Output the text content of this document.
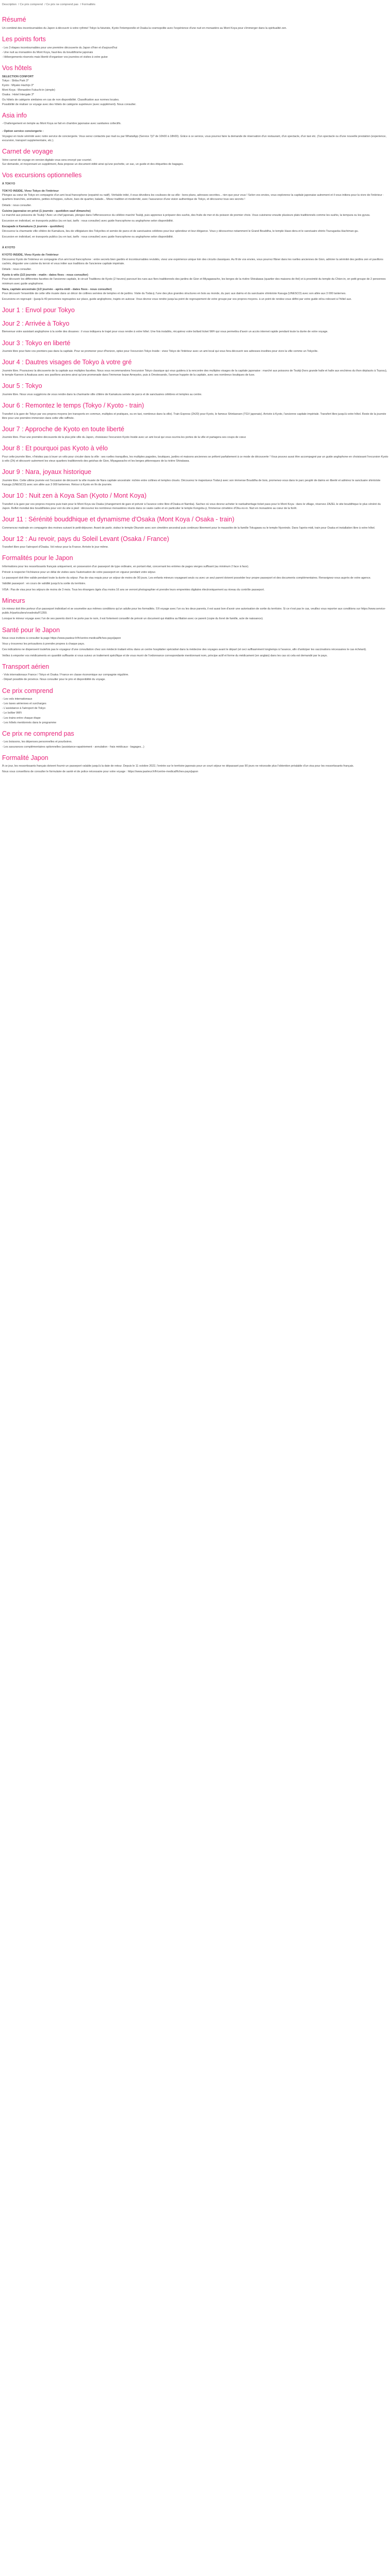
Description / Ce prix comprend / Ce prix ne comprend pas / Formalités
Résumé

Un combiné des incontournables du Japon à découvrir à votre rythme! Tokyo la futuriste, Kyoto l'intemporelle et Osaka la cosmopolite avec l'expérience d'une nuit en monastère au Mont Koya pour s'immerger dans la spiritualité zen.

Les points forts
- Les 3 étapes incontournables pour une première découverte du Japon d'hier et d'aujourd'hui
- Une nuit au monastère du Mont Koya, haut-lieu du bouddhisme japonais
- Hébergements réservés mais liberté d'organiser vos journées et visites à votre guise
Vos hôtels
SELECTION CONFORT
Tokyo : Shiba Park 3*
Kyoto : Miyako Hachijo 3*
Mont Koya : Monastère Fukuchi-in (simple)
Osaka : Hotel Intergate 3*
Ou hôtels de catégorie similaires en cas de non disponibilité. Classification aux normes locales.
Possibilité de réaliser ce voyage avec des hôtels de catégorie supérieure (avec supplément). Nous consulter.
Asia info
- Challengement en temple au Mont Koya se fait en chambre japonaise avec sanitaires collectifs.
- Option service conciergerie :
Voyagez en toute sérénité avec notre service de conciergerie. Vous serez contactés par mail ou par WhatsApp (Service 7j/7 de 10h00 à 18h00). Grâce à ce service, vous pourrez faire la demande de réservation d'un restaurant, d'un spectacle, d'un taxi etc. (l'un spectacle ou d'une nouvelle prestation (experience, excursion, transport supplementaire, etc.).
Carnet de voyage

Votre carnet de voyage en version digitale vous sera envoyé par courriel.
Sur demande, et moyennant un supplément, Asia propose un document édité ainsi qu'une pochette, un sac, un guide et des étiquettes de bagages.

Vos excursions optionnelles
À TOKYO
TOKYO INSIDE, Vivez Tokyo de l'intérieur

Plongez au cœur de Tokyo en compagnie d'un ami local francophone (expatrié ou natif). Véritable initié, il vous dévoilera les coulisses de sa ville : bons plans, adresses secrètes... rien que pour vous ! Selon vos envies, vous explorerez la capitale japonaise autrement et il vous initiera pour la vivre de l'intérieur : quartiers branchés, animations, petites échoppes, culture, bars de quartier, balade... Mixez tradition et modernité, avec l'assurance d'une vision authentique de Tokyo, et découvrez tous ses secrets !

Détails : nous consulter.

Cuisine japonaise en privé (1 journée - quotidien sauf dimanche)

Le marché aux poissons de Tsukiji ! Avec un chef japonais, plongez dans l'effervescence du célèbre marché Tsukiji, puis apprenez à préparer des sushis, des fruits de mer et du poisson de premier choix. Vous cuisinerez ensuite plusieurs plats traditionnels comme les sushis, la tempura ou les gyoza.

Excursion en individuel, en transports publics (ou en taxi, tarifs : nous consulter) avec guide francophone ou anglophone selon disponibilité.

Escapade à Kamakura (1 journée - quotidien)

Découvrez la charmante ville côtière de Kamakura, lieu de villégiature des Tokyoïtes et semée de parcs et de sanctuaires célèbres pour leur splendeur et leur élégance. Vous y découvrirez notamment le Grand Bouddha, le temple Hase-dera et le sanctuaire shinto Tsurugaoka Hachiman-gu.

Excursion en individuel, en transports publics (ou en taxi, tarifs : nous consulter) avec guide francophone ou anglophone selon disponibilité.

À KYOTO
KYOTO INSIDE, Vivez Kyoto de l'intérieur

Découvrez Kyoto de l'intérieur en compagnie d'un ami local francophone : entre secrets bien gardés et incontournables revisités, vivez une expérience unique loin des circuits classiques. Au fil de vos envies, vous pourrez flâner dans les ruelles anciennes de Gion, admirer la sérénité des jardins zen et pavillons cachés, déguster une cuisine du terroir et vous initier aux traditions de l'ancienne capitale impériale.

Détails : nous consulter.

Kyoto à vélo (1/2 journée - matin - dates fixes - nous consulter)

Pour découvrir les différentes facettes de l'ancienne capitale, le circuit Traditions de Kyoto (2 heures) parcourt les rues aux fiers traditionnels des jardins de Gion et Miyagawacho, les berges de la rivière Shirakawa (quartier des maisons de thé) et à proximité du temple du Chion-in, en petit groupe de 2 personnes minimum avec guide anglophone.

Nara, capitale ancestrale (1/2 journée - après-midi - dates fixes - nous consulter)

Pour découvrir l'ensemble de cette ville musée dans un décor de collines semées de temples et de jardins. Visite du Todai-ji, l'une des plus grandes structures en bois au monde, du parc aux daims et du sanctuaire shintoïste Kasuga (UNESCO) avec son allée aux 3 000 lanternes.

Excursions en regroupé : (jusqu'à 40 personnes regroupées sur place, guide anglophone, trajets en autocar. Vous devrez vous rendre jusqu'au point de regroupement de votre groupe par vos propres moyens. à un point de rendez-vous défini par votre guide et/ou relevant à l'hôtel aux.

Jour 1 : Envol pour Tokyo
Jour 2 : Arrivée à Tokyo

Bienvenue votre assistant anglophone à la sortie des douanes : il vous indiquera le trajet pour vous rendre à votre hôtel. Une fois installés, récupérez votre bollard ticket WiFi qui vous permettra d'avoir un accès internet rapide pendant toute la durée de votre voyage.

Jour 3 : Tokyo en liberté

Journée libre pour faire vos premiers pas dans la capitale. Pour se promener pour d'horizon, optez pour l'excursion Tokyo Inside : vivez Tokyo de l'intérieur avec un ami local qui vous fera découvrir ses adresses insolites pour vivre la ville comme un Tokyoïte.

Jour 4 : Dautres visages de Tokyo à votre gré

Journée libre. Poursuivez la découverte de la capitale aux multiples facettes. Nous vous recommandons l'excursion Tokyo classique qui vous guidera à la rencontre des multiples visages de la capitale japonaise : marché aux poissons de Tsukiji (hors grande halle et halle aux enchères du thon déplacés à Toyosu), le temple Kannon à Asakusa avec ses pavillons anciens ainsi qu'une promenade dans l'immense bazar Ameyoko, puis à Omotesando, l'avenue huppée de la capitale, avec ses nombreux boutiques de luxe.

Jour 5 : Tokyo

Journée libre. Nous vous suggérons de vous rendre dans la charmante ville côtière de Kamakura semée de parcs et de sanctuaires célèbres et temples au centre.

Jour 6 : Remontez le temps (Tokyo / Kyoto - train)

Transfert à la gare de Tokyo par vos propres moyens (en transports en commun, multiples et pratiques, ou en taxi, nombreux dans la ville). Train Express (2h20) pour Kyoto, le fameux Shinkansen (TGV japonais). Arrivée à Kyoto, l'ancienne capitale impériale. Transfert libre jusqu'à votre hôtel. Reste de la journée libre pour une première immersion dans cette ville raffinée.

Jour 7 : Approche de Kyoto en toute liberté

Journée libre. Pour une première découverte de la plus jolie ville du Japon, choisissez l'excursion Kyoto Inside avec un ami local qui vous ouvrira les portes de la ville et partagera ses coups de cœur.

Jour 8 : Et pourquoi pas Kyoto à vélo

Pour cette journée libre, n'hésitez pas à louer un vélo pour circuler dans la ville : ses ruelles tranquilles, les multiples pagodes, boutiques, jardins et maisons anciennes se prêtent parfaitement à ce mode de découverte ! Vous pouvez aussi être accompagné par un guide anglophone en choisissant l'excursion Kyoto à vélo (2h) et découvrir autrement les vieux quartiers traditionnels des geishas de Gion, Miyagawacho et les berges pittoresques de la rivière Shirakawa.

Jour 9 : Nara, joyaux historique

Journée libre. Cette ultime journée est l'occasion de découvrir la ville musée de Nara capitale ancestrale: nichée entre collines et temples cloués. Découvrez le majestueux Todai-ji avec son immense Bouddha de bois, promenez-vous dans le parc peuplé de daims en liberté et admirez le sanctuaire shintoïste Kasuga (UNESCO) avec son allée aux 3 000 lanternes. Retour à Kyoto en fin de journée.

Jour 10 : Nuit zen à Koya San (Kyoto / Mont Koya)

Transfert à la gare par vos propres moyens puis train pour le Mont Koya via Osaka (changement de gare et prévoir à l'avance votre libre d'Osaka et Namba). Sachez où vous devrez acheter le nankaiheritage ticket pass pour le Mont Koya : dans le village, réservez ZAZEL le site bouddhique le plus vénéré du Japon. Reflet mondial des bouddhistes pour voir du site à pied : découvrez les nombreux monastères réunis dans ce vaste cadre et en particulier le temple Kongobu-ji, l'immense cimetière d'Oku-no-in. Nuit en monastère au cœur de la forêt.

Jour 11 : Sérénité bouddhique et dynamisme d'Osaka (Mont Koya / Osaka - train)

Commencez matinale en compagnie des moines suivant le petit-déjeuner. Avant de partir, visitez le temple Okunoin avec son cimetière ancestral puis continuez librement pour le mausolée de la famille Tokugawa ou le temple Nyonindo. Dans l'après-midi, train pour Osaka et installation libre à votre hôtel.

Jour 12 : Au revoir, pays du Soleil Levant (Osaka / France)

Transfert libre pour l'aéroport d'Osaka. Vol retour pour la France. Arrivée le jour même.

Formalités pour le Japon

Informations pour les ressortissants français uniquement, en possession d'un passeport de type ordinaire, en portant état, concernant les entrées de pages vierges suffisant (au minimum 2 face à face).

Prévoir à respecter l'échéance pour un délai de visites sans l'autorisation de votre passeport en vigueur pendant votre séjour.

Le passeport doit être valide pendant toute la durée du séjour. Pas de visa requis pour un séjour de moins de 90 jours. Les enfants mineurs voyageant seuls ou avec un seul parent doivent posséder leur propre passeport et des documents complémentaires. Renseignez-vous auprès de votre agence.

Validité passeport : en cours de validité jusqu'à la sortie du territoire.

VISA : Pas de visa pour les séjours de moins de 3 mois. Tous les étrangers âgés d'au moins 16 ans se verront photographier et prendre leurs empreintes digitales électroniquement au niveau du contrôle passeport.

Mineurs

Un mineur doit être porteur d'un passeport individuel et se soumettre aux mêmes conditions qu'un adulte pour les formalités. S'il voyage avec l'un ou les deux parents, il est aussi bon d'avoir une autorisation de sortie du territoire. Si ce n'est pas le cas, veuillez vous reporter aux conditions sur https://www.service-public.fr/particuliers/vosdroits/F1359.

Lorsque le mineur voyage avec l'un de ses parents dont il ne porte pas le nom, il est fortement conseillé de prévoir un document qui établira sa filiation avec ce parent (copie du livret de famille, acte de naissance).

Santé pour le Japon

Nous vous invitons à consulter la page https://www.pasteur.fr/fr/centre-medical/fiches-pays/japon

Vous y trouverez les précautions à prendre propres à chaque pays.

Ces indications ne dispensent toutefois pas le voyageur d'une consultation chez son médecin traitant et/ou dans un centre hospitalier spécialisé dans la médecine des voyages avant le départ (et ceci suffisamment longtemps à l'avance, afin d'anticiper les vaccinations nécessaires le cas échéant).

Veillez à emporter vos médicaments en quantité suffisante si vous suivez un traitement spécifique et de vous munir de l'ordonnance correspondante mentionnant nom, principe actif et forme du médicament (en anglais) dans les cas où cela est demandé par le pays.

Transport aérien
- Vols internationaux France / Tokyo et Osaka / France en classe économique sur compagnie régulière.
- Départ possible de province. Nous consulter pour le prix et disponibilité du voyage.
Ce prix comprend
- Les vols internationaux
- Les taxes aériennes et surcharges
- L'assistance à l'aéroport de Tokyo
- Le boîtier WiFi
- Les trains entre chaque étape
- Les hôtels mentionnés dans le programme
Ce prix ne comprend pas
- Les boissons, les dépenses personnelles et pourboires.
- Les assurances complémentaires optionnelles (assistance-rapatriement - annulation - frais médicaux - bagages...)
Formalité Japon

À ce jour, les ressortissants français doivent fournir un passeport valable jusqu'à la date de retour. Depuis le 11 octobre 2022, l'entrée sur le territoire japonais pour un court séjour ne dépassant pas 90 jours ne nécessite plus l'obtention préalable d'un visa pour les ressortissants français.

Nous vous conseillons de consulter le formulaire de santé et de police nécessaire pour votre voyage : https://www.pasteur.fr/fr/centre-medical/fiches-pays/japon
